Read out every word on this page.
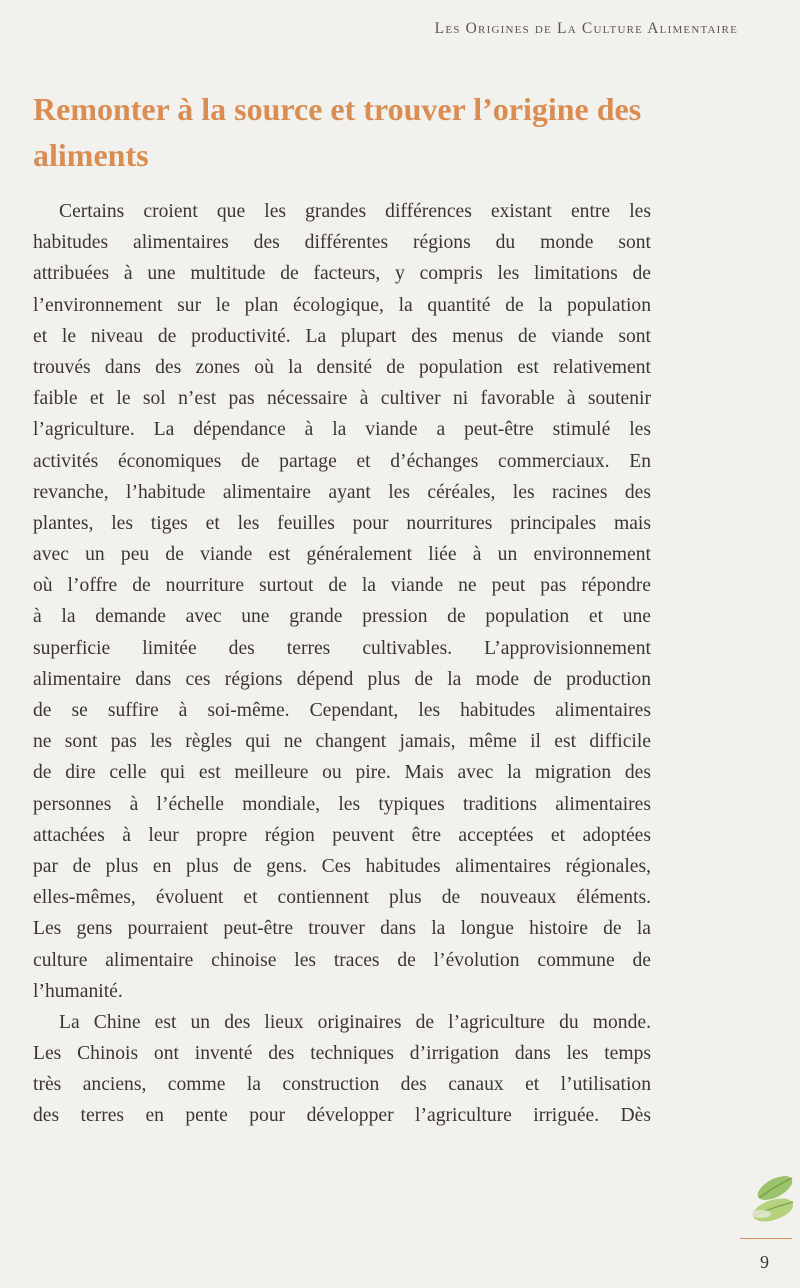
Les Origines de La Culture Alimentaire
Remonter à la source et trouver l’origine des aliments
Certains croient que les grandes différences existant entre les
habitudes alimentaires des différentes régions du monde sont
attribuées à une multitude de facteurs, y compris les limitations de
l’environnement sur le plan écologique, la quantité de la population
et le niveau de productivité. La plupart des menus de viande sont
trouvés dans des zones où la densité de population est relativement
faible et le sol n’est pas nécessaire à cultiver ni favorable à soutenir
l’agriculture. La dépendance à la viande a peut-être stimulé les
activités économiques de partage et d’échanges commerciaux. En
revanche, l’habitude alimentaire ayant les céréales, les racines des
plantes, les tiges et les feuilles pour nourritures principales mais
avec un peu de viande est généralement liée à un environnement
où l’offre de nourriture surtout de la viande ne peut pas répondre
à la demande avec une grande pression de population et une
superficie limitée des terres cultivables. L’approvisionnement
alimentaire dans ces régions dépend plus de la mode de production
de se suffire à soi-même. Cependant, les habitudes alimentaires
ne sont pas les règles qui ne changent jamais, même il est difficile
de dire celle qui est meilleure ou pire. Mais avec la migration des
personnes à l’échelle mondiale, les typiques traditions alimentaires
attachées à leur propre région peuvent être acceptées et adoptées
par de plus en plus de gens. Ces habitudes alimentaires régionales,
elles-mêmes, évoluent et contiennent plus de nouveaux éléments.
Les gens pourraient peut-être trouver dans la longue histoire de la
culture alimentaire chinoise les traces de l’évolution commune de
l’humanité.
La Chine est un des lieux originaires de l’agriculture du monde.
Les Chinois ont inventé des techniques d’irrigation dans les temps
très anciens, comme la construction des canaux et l’utilisation
des terres en pente pour développer l’agriculture irriguée. Dès
9
